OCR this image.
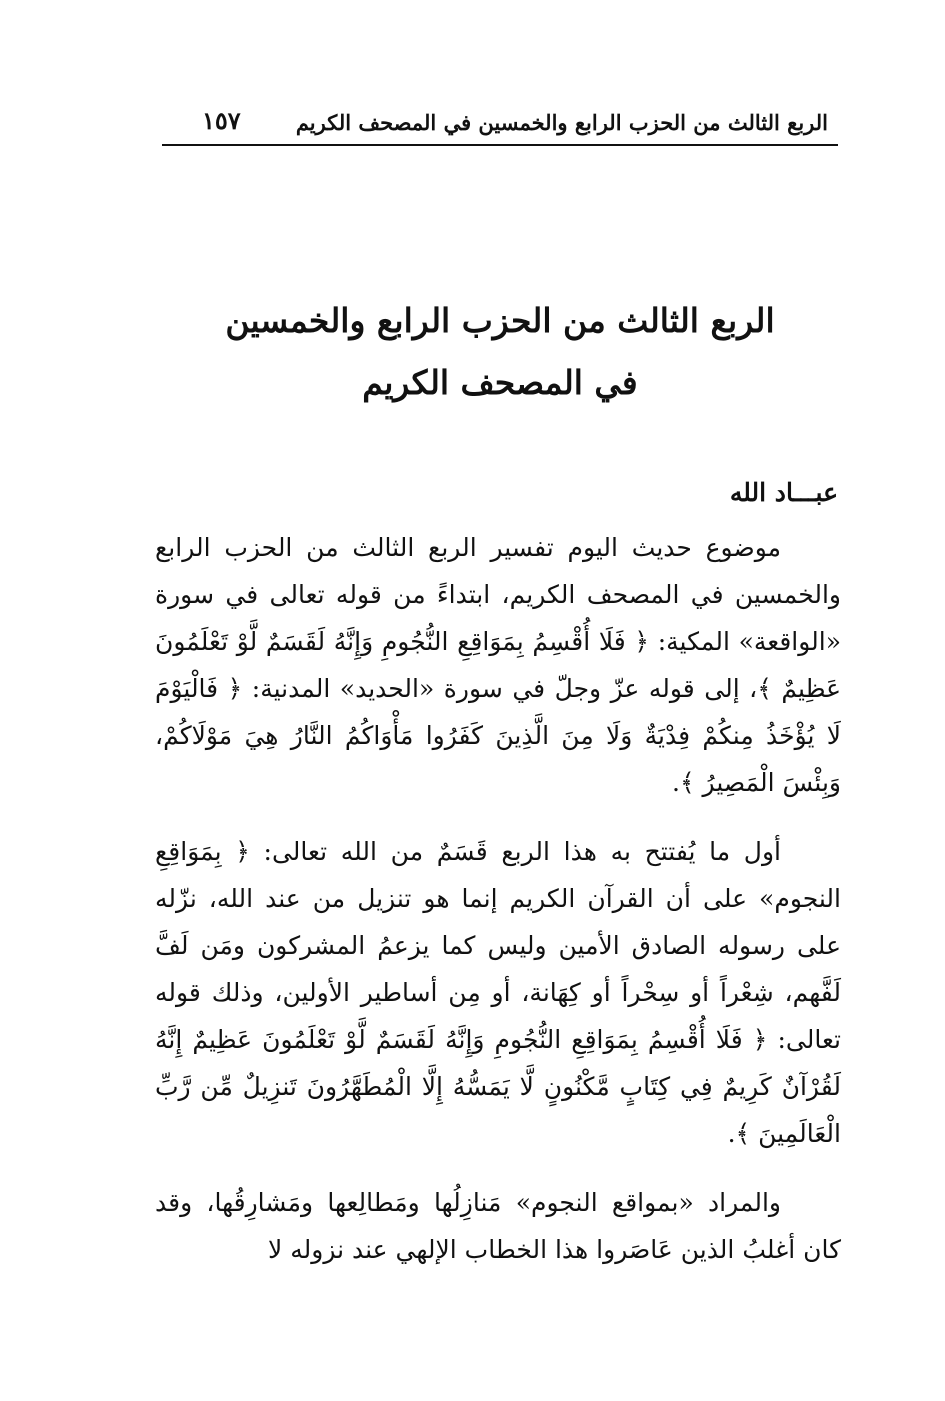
الربع الثالث من الحزب الرابع والخمسين في المصحف الكريم
١٥٧
الربع الثالث من الحزب الرابع والخمسين
في المصحف الكريم
عبـــاد الله

موضوع حديث اليوم تفسير الربع الثالث من الحزب الرابع والخمسين في المصحف الكريم، ابتداءً من قوله تعالى في سورة «الواقعة» المكية: ﴿ فَلَا أُقْسِمُ بِمَوَاقِعِ النُّجُومِ وَإِنَّهُ لَقَسَمٌ لَّوْ تَعْلَمُونَ عَظِيمٌ ﴾، إلى قوله عزّ وجلّ في سورة «الحديد» المدنية: ﴿ فَالْيَوْمَ لَا يُؤْخَذُ مِنكُمْ فِدْيَةٌ وَلَا مِنَ الَّذِينَ كَفَرُوا مَأْوَاكُمُ النَّارُ هِيَ مَوْلَاكُمْ، وَبِئْسَ الْمَصِيرُ ﴾.

أول ما يُفتتح به هذا الربع قَسَمٌ من الله تعالى: ﴿ بِمَوَاقِعِ النجوم» على أن القرآن الكريم إنما هو تنزيل من عند الله، نزّله على رسوله الصادق الأمين وليس كما يزعمُ المشركون ومَن لَفَّ لَفَّهم، شِعْراً أو سِحْراً أو كِهَانة، أو مِن أساطير الأولين، وذلك قوله تعالى: ﴿ فَلَا أُقْسِمُ بِمَوَاقِعِ النُّجُومِ وَإِنَّهُ لَقَسَمٌ لَّوْ تَعْلَمُونَ عَظِيمٌ إِنَّهُ لَقُرْآنٌ كَرِيمٌ فِي كِتَابٍ مَّكْنُونٍ لَّا يَمَسُّهُ إِلَّا الْمُطَهَّرُونَ تَنزِيلٌ مِّن رَّبِّ الْعَالَمِينَ ﴾.

والمراد «بمواقع النجوم» مَنازِلُها ومَطالِعها ومَشارِقُها، وقد كان أغلبُ الذين عَاصَروا هذا الخطاب الإلهي عند نزوله لا
